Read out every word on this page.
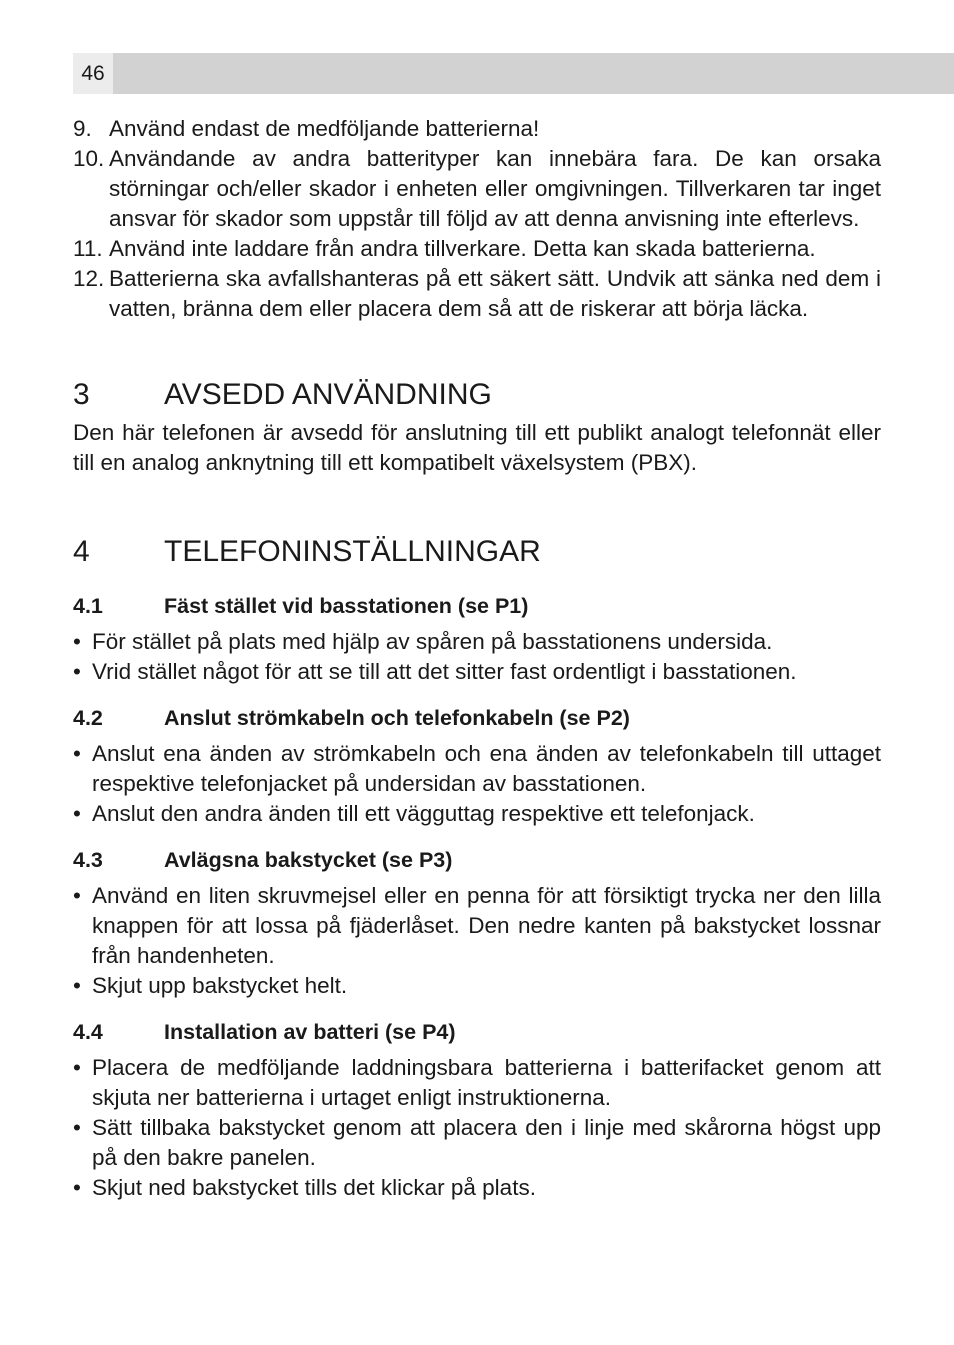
46
9. Använd endast de medföljande batterierna!
10. Användande av andra batterityper kan innebära fara. De kan orsaka störningar och/eller skador i enheten eller omgivningen. Tillverkaren tar inget ansvar för skador som uppstår till följd av att denna anvisning inte efterlevs.
11. Använd inte laddare från andra tillverkare. Detta kan skada batterierna.
12. Batterierna ska avfallshanteras på ett säkert sätt. Undvik att sänka ned dem i vatten, bränna dem eller placera dem så att de riskerar att börja läcka.
3 AVSEDD ANVÄNDNING

Den här telefonen är avsedd för anslutning till ett publikt analogt telefonnät eller till en analog anknytning till ett kompatibelt växelsystem (PBX).

4 TELEFONINSTÄLLNINGAR
4.1	Fäst stället vid basstationen (se P1)
• För stället på plats med hjälp av spåren på basstationens undersida.
• Vrid stället något för att se till att det sitter fast ordentligt i basstationen.
4.2	Anslut strömkabeln och telefonkabeln (se P2)
• Anslut ena änden av strömkabeln och ena änden av telefonkabeln till uttaget respektive telefonjacket på undersidan av basstationen.
• Anslut den andra änden till ett vägguttag respektive ett telefonjack.
4.3	Avlägsna bakstycket (se P3)
• Använd en liten skruvmejsel eller en penna för att försiktigt trycka ner den lilla knappen för att lossa på fjäderlåset. Den nedre kanten på bakstycket lossnar från handenheten.
• Skjut upp bakstycket helt.
4.4	Installation av batteri (se P4)
• Placera de medföljande laddningsbara batterierna i batterifacket genom att skjuta ner batterierna i urtaget enligt instruktionerna.
• Sätt tillbaka bakstycket genom att placera den i linje med skårorna högst upp på den bakre panelen.
• Skjut ned bakstycket tills det klickar på plats.
